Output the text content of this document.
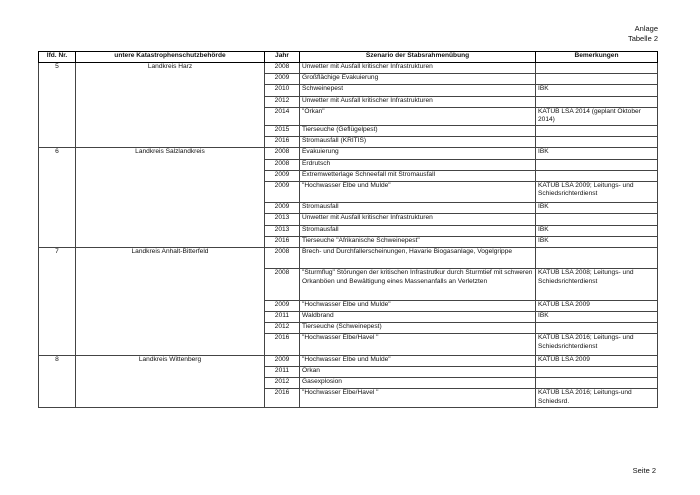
Anlage
Tabelle 2
lfd. Nr.	untere Katastrophenschutzbehörde	Jahr	Szenario der Stabsrahmenübung	Bemerkungen
5	Landkreis Harz	2008	Unwetter mit Ausfall kritischer Infrastrukturen	
		2009	Großflächige Evakuierung	
		2010	Schweinepest	IBK
		2012	Unwetter mit Ausfall kritischer Infrastrukturen	
		2014	"Orkan"	KATÜB LSA 2014 (geplant Oktober 2014)
		2015	Tierseuche (Geflügelpest)	
		2016	Stromausfall (KRITIS)	
6	Landkreis Salzlandkreis	2008	Evakuierung	IBK
		2008	Erdrutsch	
		2009	Extremwetterlage Schneefall mit Stromausfall	
		2009	"Hochwasser Elbe und Mulde"	KATÜB LSA 2009; Leitungs- und Schiedsrichterdienst
		2009	Stromausfall	IBK
		2013	Unwetter mit Ausfall kritischer Infrastrukturen	
		2013	Stromausfall	IBK
		2016	Tierseuche "Afrikanische Schweinepest"	IBK
7	Landkreis Anhalt-Bitterfeld	2008	Brech- und Durchfallerscheinungen, Havarie Biogasanlage, Vogelgrippe	
		2008	"Sturmflug" Störungen der kritischen Infrastrutkur durch Sturmtief mit schweren Orkanböen und Bewältigung eines Massenanfalls an Verletzten	KATÜB LSA 2008; Leitungs- und Schiedsrichterdienst
		2009	"Hochwasser Elbe und Mulde"	KATÜB LSA 2009
		2011	Waldbrand	IBK
		2012	Tierseuche (Schweinepest)	
		2016	"Hochwasser Elbe/Havel "	KATÜB LSA 2016; Leitungs- und Schiedsrichterdienst
8	Landkreis Wittenberg	2009	"Hochwasser Elbe und Mulde"	KATÜB LSA 2009
		2011	Orkan	
		2012	Gasexplosion	
		2016	"Hochwasser Elbe/Havel "	KATÜB LSA 2016; Leitungs-und Schiedsrd.
Seite 2
